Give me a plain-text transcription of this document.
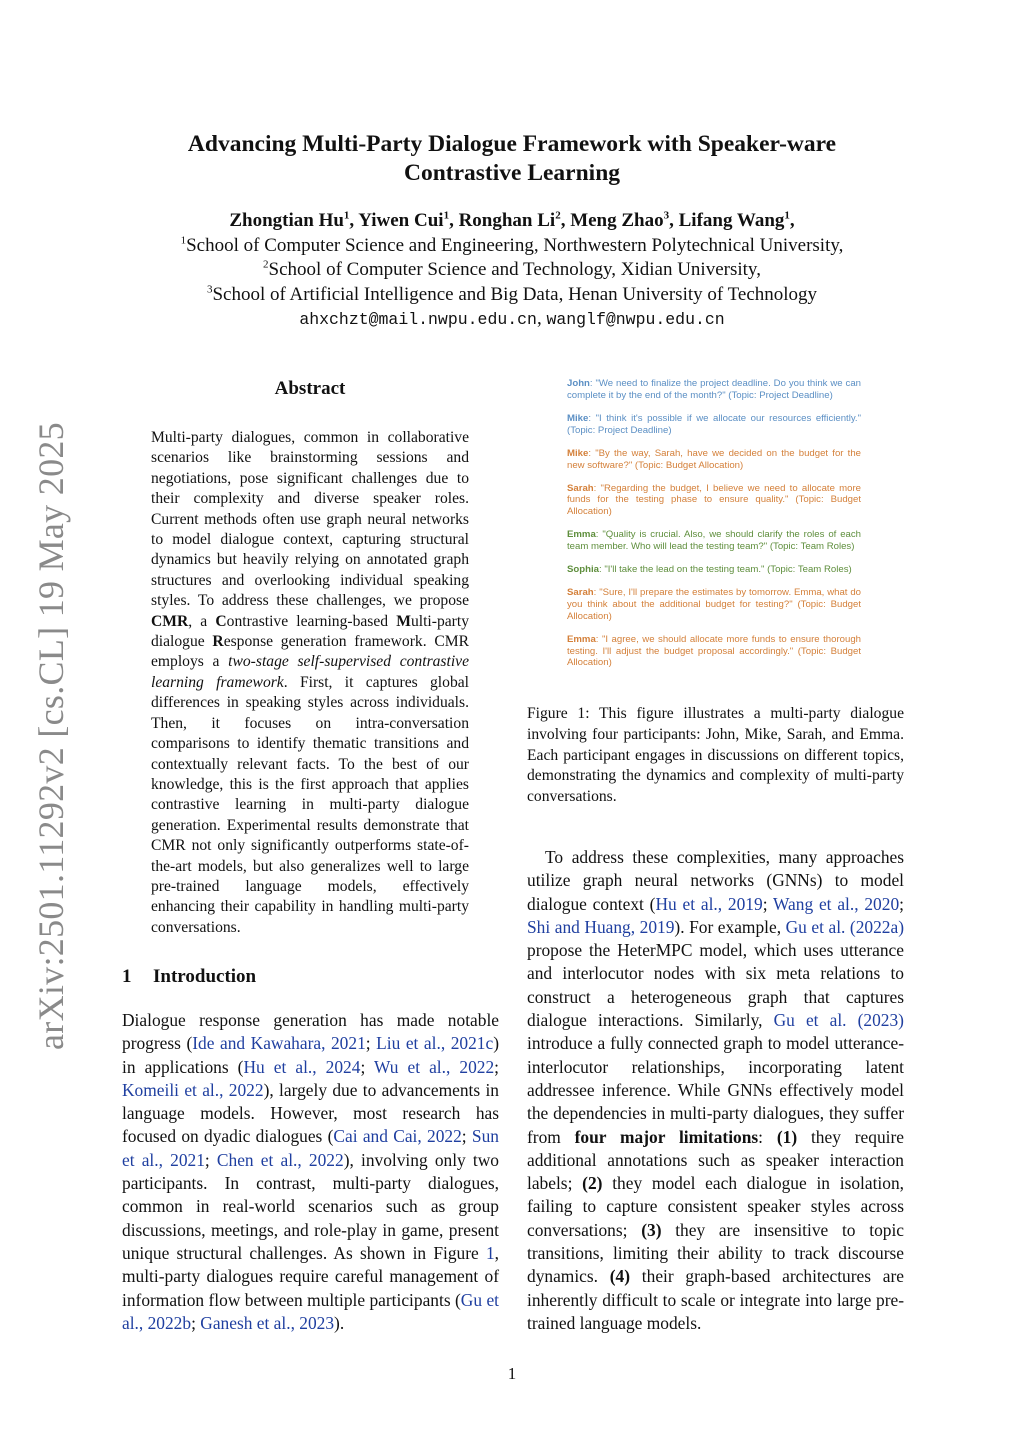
arXiv:2501.11292v2 [cs.CL] 19 May 2025
Advancing Multi-Party Dialogue Framework with Speaker-ware
Contrastive Learning
Zhongtian Hu$^1$, Yiwen Cui$^1$, Ronghan Li$^2$, Meng Zhao$^3$, Lifang Wang$^1$,
$^1$School of Computer Science and Engineering, Northwestern Polytechnical University,
$^2$School of Computer Science and Technology, Xidian University,
$^3$School of Artificial Intelligence and Big Data, Henan University of Technology
ahxchzt@mail.nwpu.edu.cn, wanglf@nwpu.edu.cn
Abstract
Multi-party dialogues, common in collaborative scenarios like brainstorming sessions and negotiations, pose significant challenges due to their complexity and diverse speaker roles. Current methods often use graph neural networks to model dialogue context, capturing structural dynamics but heavily relying on annotated graph structures and overlooking individual speaking styles. To address these challenges, we propose CMR, a Contrastive learning-based Multi-party dialogue Response generation framework. CMR employs a two-stage self-supervised contrastive learning framework. First, it captures global differences in speaking styles across individuals. Then, it focuses on intra-conversation comparisons to identify thematic transitions and contextually relevant facts. To the best of our knowledge, this is the first approach that applies contrastive learning in multi-party dialogue generation. Experimental results demonstrate that CMR not only significantly outperforms state-of-the-art models, but also generalizes well to large pre-trained language models, effectively enhancing their capability in handling multi-party conversations.
1 Introduction
Dialogue response generation has made notable progress (Ide and Kawahara, 2021; Liu et al., 2021c) in applications (Hu et al., 2024; Wu et al., 2022; Komeili et al., 2022), largely due to advancements in language models. However, most research has focused on dyadic dialogues (Cai and Cai, 2022; Sun et al., 2021; Chen et al., 2022), involving only two participants. In contrast, multi-party dialogues, common in real-world scenarios such as group discussions, meetings, and role-play in game, present unique structural challenges. As shown in Figure 1, multi-party dialogues require careful management of information flow between multiple participants (Gu et al., 2022b; Ganesh et al., 2023).
John: "We need to finalize the project deadline. Do you think we can complete it by the end of the month?" (Topic: Project Deadline)
Mike: "I think it's possible if we allocate our resources efficiently." (Topic: Project Deadline)
Mike: "By the way, Sarah, have we decided on the budget for the new software?" (Topic: Budget Allocation)
Sarah: "Regarding the budget, I believe we need to allocate more funds for the testing phase to ensure quality." (Topic: Budget Allocation)
Emma: "Quality is crucial. Also, we should clarify the roles of each team member. Who will lead the testing team?" (Topic: Team Roles)
Sophia: "I'll take the lead on the testing team." (Topic: Team Roles)
Sarah: "Sure, I'll prepare the estimates by tomorrow. Emma, what do you think about the additional budget for testing?" (Topic: Budget Allocation)
Emma: "I agree, we should allocate more funds to ensure thorough testing. I'll adjust the budget proposal accordingly." (Topic: Budget Allocation)
Figure 1: This figure illustrates a multi-party dialogue involving four participants: John, Mike, Sarah, and Emma. Each participant engages in discussions on different topics, demonstrating the dynamics and complexity of multi-party conversations.
To address these complexities, many approaches utilize graph neural networks (GNNs) to model dialogue context (Hu et al., 2019; Wang et al., 2020; Shi and Huang, 2019). For example, Gu et al. (2022a) propose the HeterMPC model, which uses utterance and interlocutor nodes with six meta relations to construct a heterogeneous graph that captures dialogue interactions. Similarly, Gu et al. (2023) introduce a fully connected graph to model utterance-interlocutor relationships, incorporating latent addressee inference. While GNNs effectively model the dependencies in multi-party dialogues, they suffer from four major limitations: (1) they require additional annotations such as speaker interaction labels; (2) they model each dialogue in isolation, failing to capture consistent speaker styles across conversations; (3) they are insensitive to topic transitions, limiting their ability to track discourse dynamics. (4) their graph-based architectures are inherently difficult to scale or integrate into large pre-trained language models.
1
